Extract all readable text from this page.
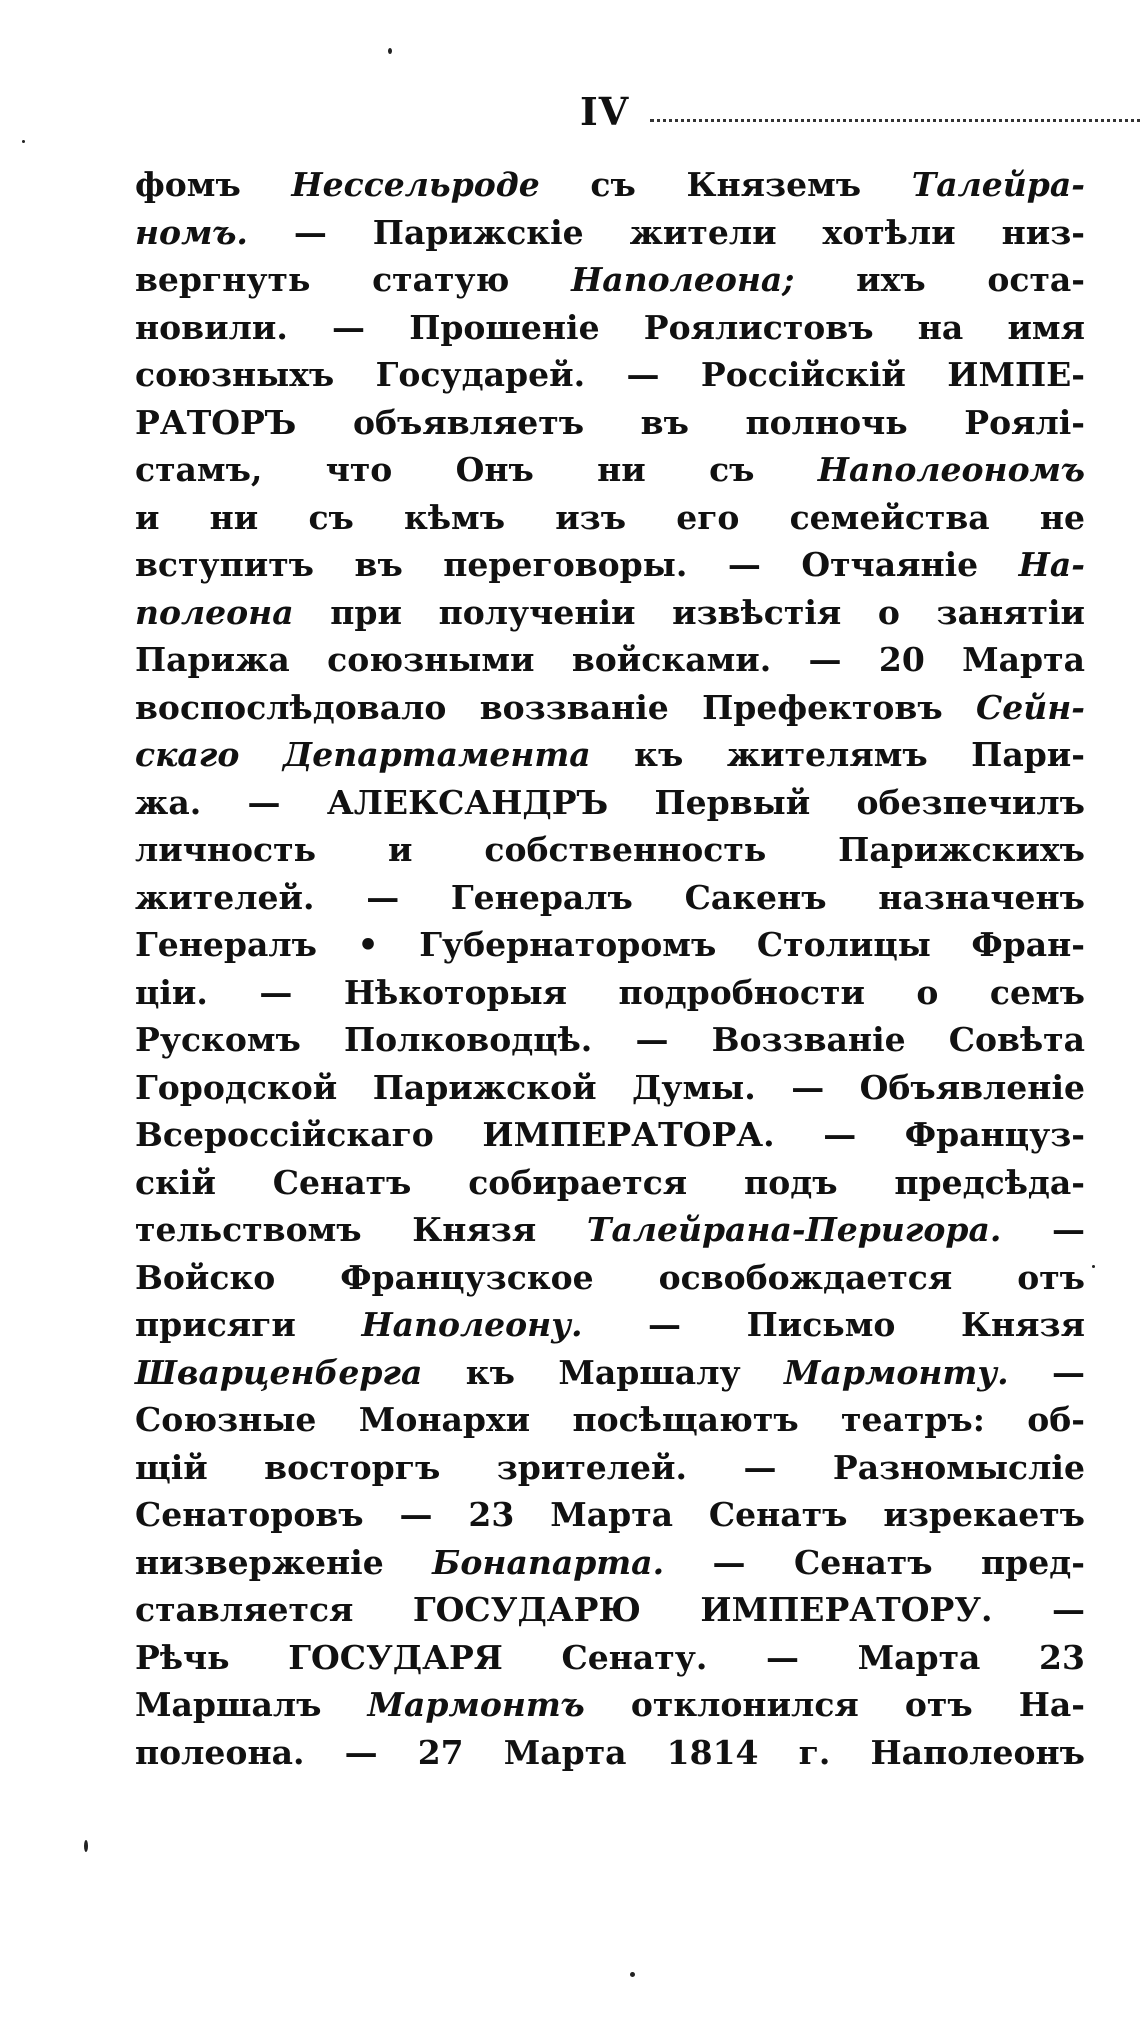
IV
фомъ Нессельроде съ Княземъ Талейра-
номъ. — Парижскіе жители хотѣли низ-
вергнуть статую Наполеона; ихъ оста-
новили. — Прошеніе Роялистовъ на имя
союзныхъ Государей. — Россійскій ИМПЕ-
РАТОРЪ объявляетъ въ полночь Роялі-
стамъ, что Онъ ни съ Наполеономъ
и ни съ кѣмъ изъ его семейства не
вступитъ въ переговоры. — Отчаяніе На-
полеона при полученіи извѣстія о занятіи
Парижа союзными войсками. — 20 Марта
воспослѣдовало воззваніе Префектовъ Сейн-
скаго Департамента къ жителямъ Пари-
жа. — АЛЕКСАНДРЪ Первый обезпечилъ
личность и собственность Парижскихъ
жителей. — Генералъ Сакенъ назначенъ
Генералъ • Губернаторомъ Столицы Фран-
ціи. — Нѣкоторыя подробности о семъ
Рускомъ Полководцѣ. — Воззваніе Совѣта
Городской Парижской Думы. — Объявленіе
Всероссійскаго ИМПЕРАТОРА. — Француз-
скій Сенатъ собирается подъ предсѣда-
тельствомъ Князя Талейрана-Перигора. —
Войско Французское освобождается отъ
присяги Наполеону. — Письмо Князя
Шварценберга къ Маршалу Мармонту. —
Союзные Монархи посѣщаютъ театръ: об-
щій восторгъ зрителей. — Разномысліе
Сенаторовъ — 23 Марта Сенатъ изрекаетъ
низверженіе Бонапарта. — Сенатъ пред-
ставляется ГОСУДАРЮ ИМПЕРАТОРУ. —
Рѣчь ГОСУДАРЯ Сенату. — Марта 23
Маршалъ Мармонтъ отклонился отъ На-
полеона. — 27 Марта 1814 г. Наполеонъ
